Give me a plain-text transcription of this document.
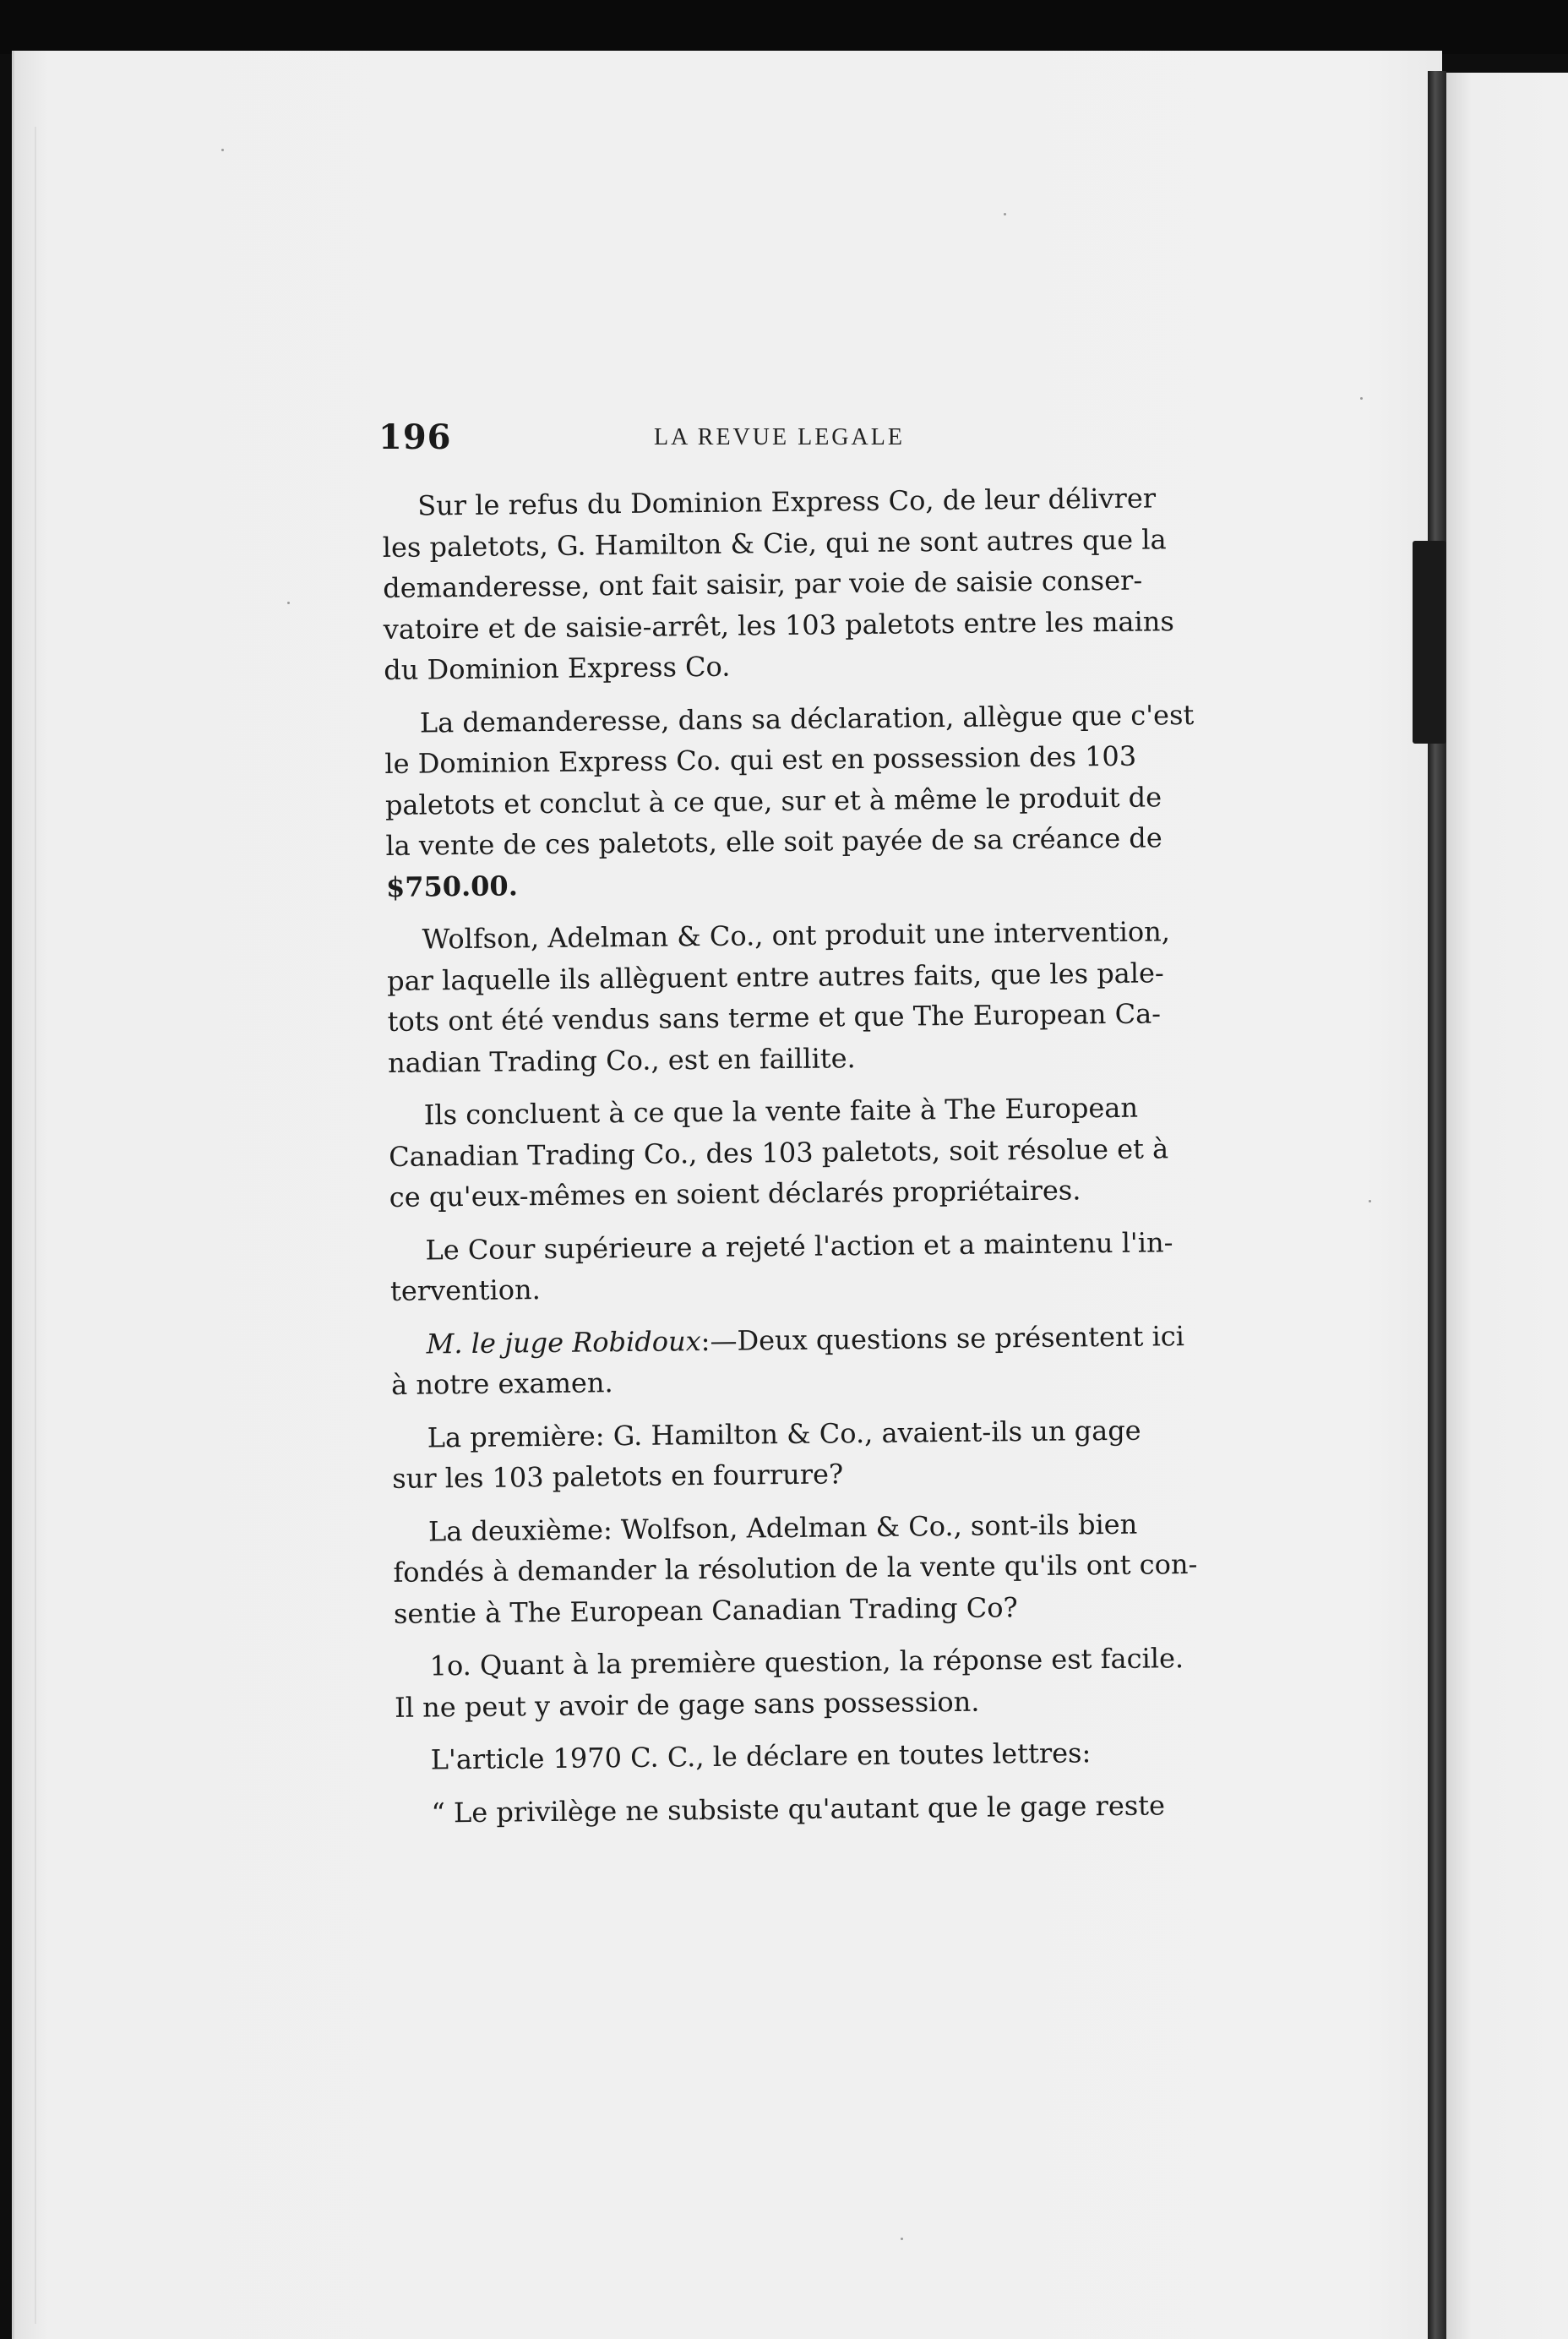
196	LA REVUE LEGALE

Sur le refus du Dominion Express Co, de leur délivrer
les paletots, G. Hamilton & Cie, qui ne sont autres que la
demanderesse, ont fait saisir, par voie de saisie conser-
vatoire et de saisie-arrêt, les 103 paletots entre les mains
du Dominion Express Co.

La demanderesse, dans sa déclaration, allègue que c'est
le Dominion Express Co. qui est en possession des 103
paletots et conclut à ce que, sur et à même le produit de
la vente de ces paletots, elle soit payée de sa créance de
$750.00.

Wolfson, Adelman & Co., ont produit une intervention,
par laquelle ils allèguent entre autres faits, que les pale-
tots ont été vendus sans terme et que The European Ca-
nadian Trading Co., est en faillite.

Ils concluent à ce que la vente faite à The European
Canadian Trading Co., des 103 paletots, soit résolue et à
ce qu'eux-mêmes en soient déclarés propriétaires.

Le Cour supérieure a rejeté l'action et a maintenu l'in-
tervention.

M. le juge Robidoux:—Deux questions se présentent ici
à notre examen.

La première: G. Hamilton & Co., avaient-ils un gage
sur les 103 paletots en fourrure?

La deuxième: Wolfson, Adelman & Co., sont-ils bien
fondés à demander la résolution de la vente qu'ils ont con-
sentie à The European Canadian Trading Co?

1o. Quant à la première question, la réponse est facile.
Il ne peut y avoir de gage sans possession.

L'article 1970 C. C., le déclare en toutes lettres:

“ Le privilège ne subsiste qu'autant que le gage reste
